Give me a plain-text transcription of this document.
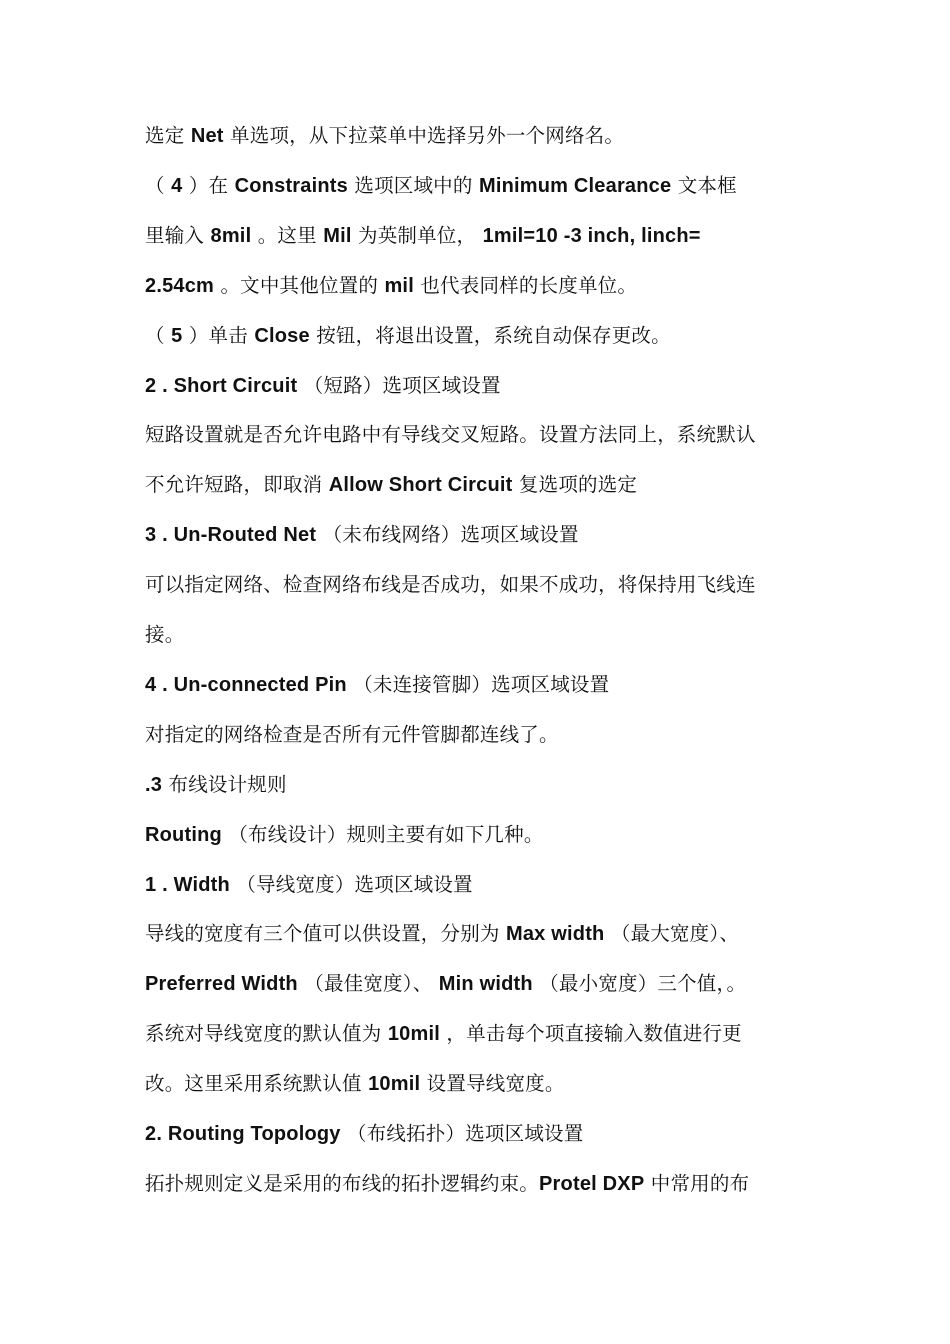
选定 Net 单选项，从下拉菜单中选择另外一个网络名。
（ 4 ）在 Constraints 选项区域中的 Minimum Clearance 文本框
里输入 8mil 。这里 Mil 为英制单位， 1mil=10 -3 inch, linch=
2.54cm 。文中其他位置的 mil 也代表同样的长度单位。
（ 5 ）单击 Close 按钮，将退出设置，系统自动保存更改。
2 . Short Circuit （短路）选项区域设置
短路设置就是否允许电路中有导线交叉短路。设置方法同上，系统默认
不允许短路，即取消 Allow Short Circuit 复选项的选定
3 . Un-Routed Net （未布线网络）选项区域设置
可以指定网络、检查网络布线是否成功，如果不成功，将保持用飞线连
接。
4 . Un-connected Pin （未连接管脚）选项区域设置
对指定的网络检查是否所有元件管脚都连线了。
.3 布线设计规则
Routing （布线设计）规则主要有如下几种。
1 . Width （导线宽度）选项区域设置
导线的宽度有三个值可以供设置，分别为 Max width （最大宽度）、
Preferred Width （最佳宽度）、 Min width （最小宽度）三个值，。
系统对导线宽度的默认值为 10mil ，单击每个项直接输入数值进行更
改。这里采用系统默认值 10mil 设置导线宽度。
2. Routing Topology （布线拓扑）选项区域设置
拓扑规则定义是采用的布线的拓扑逻辑约束。Protel DXP 中常用的布
